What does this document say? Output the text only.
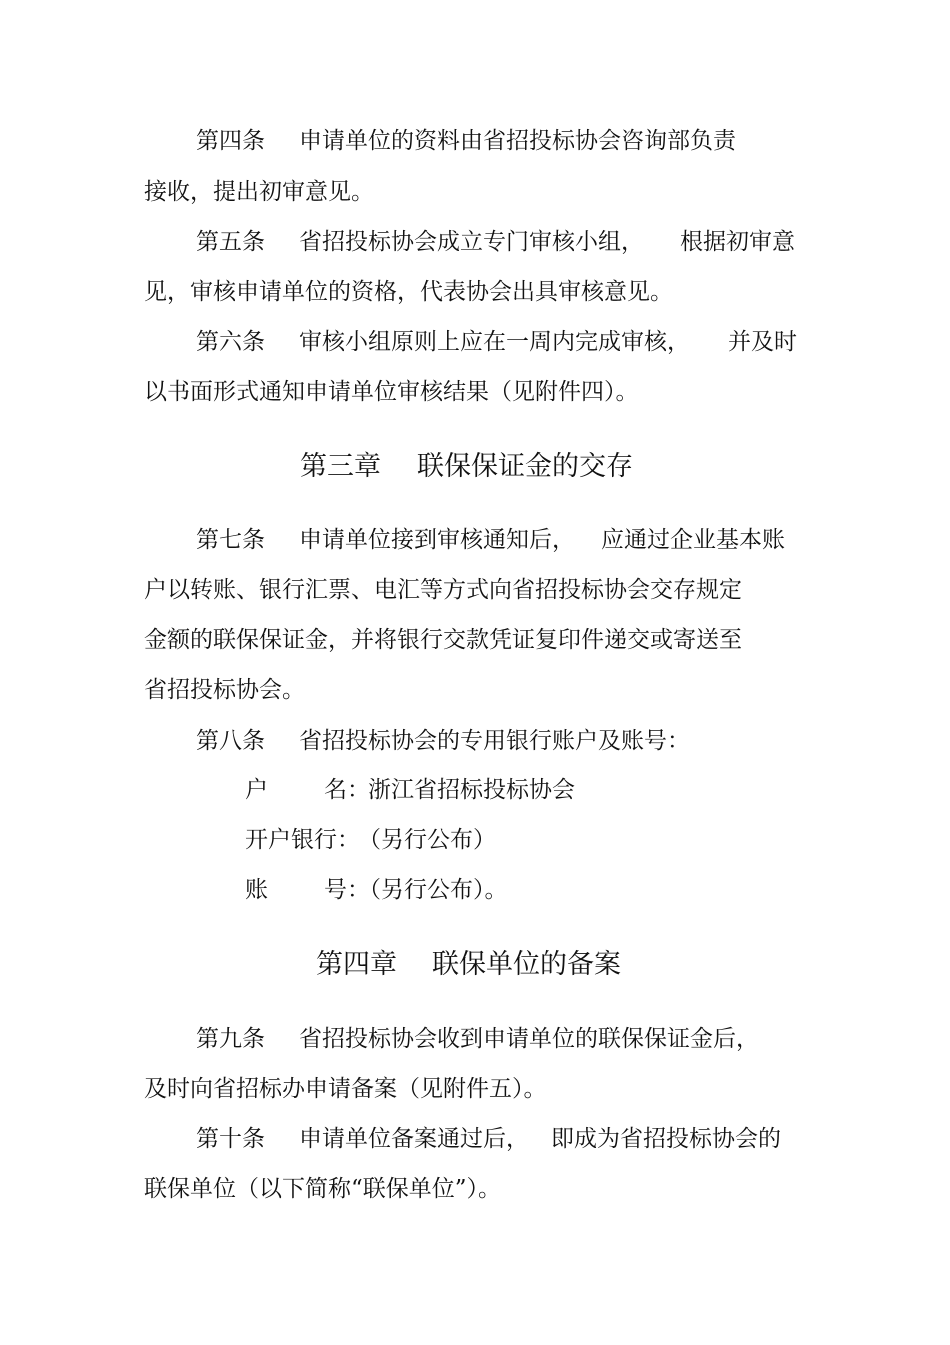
第四条 申请单位的资料由省招投标协会咨询部负责
接收，提出初审意见。
第五条 省招投标协会成立专门审核小组， 根据初审意
见，审核申请单位的资格，代表协会出具审核意见。
第六条 审核小组原则上应在一周内完成审核， 并及时
以书面形式通知申请单位审核结果（见附件四）。
第三章 联保保证金的交存
第七条 申请单位接到审核通知后， 应通过企业基本账
户以转账、银行汇票、电汇等方式向省招投标协会交存规定
金额的联保保证金，并将银行交款凭证复印件递交或寄送至
省招投标协会。
第八条 省招投标协会的专用银行账户及账号：
户 名：
浙江省招标投标协会
开户银行：
（另行公布）
账 号：
（另行公布）。
第四章 联保单位的备案
第九条 省招投标协会收到申请单位的联保保证金后，
及时向省招标办申请备案（见附件五）。
第十条 申请单位备案通过后， 即成为省招投标协会的
联保单位（以下简称“联保单位”）。
